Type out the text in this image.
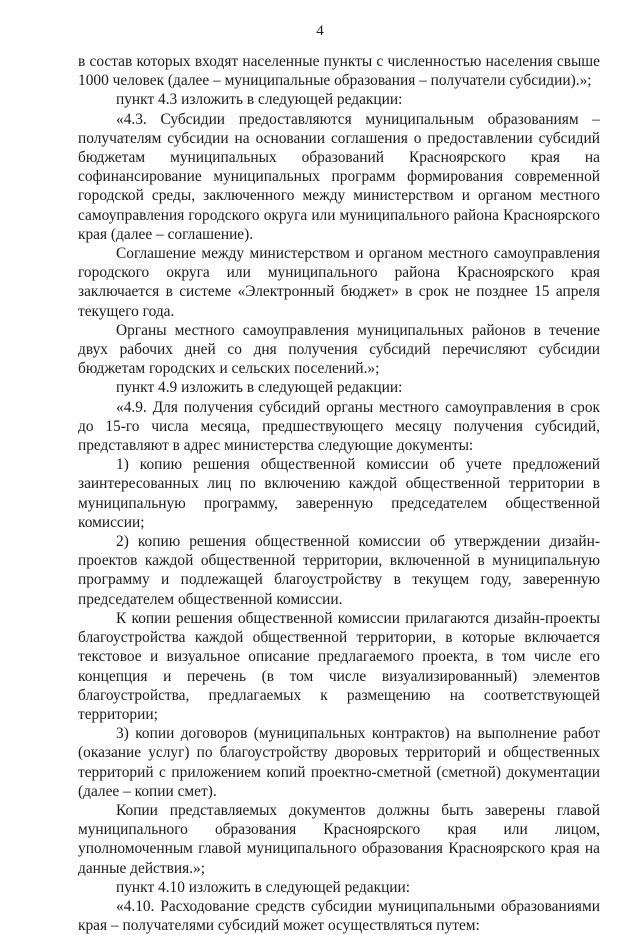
4

в состав которых входят населенные пункты с численностью населения свыше 1000 человек (далее – муниципальные образования – получатели субсидии).»;

пункт 4.3 изложить в следующей редакции:

«4.3. Субсидии предоставляются муниципальным образованиям – получателям субсидии на основании соглашения о предоставлении субсидий бюджетам муниципальных образований Красноярского края на софинансирование муниципальных программ формирования современной городской среды, заключенного между министерством и органом местного самоуправления городского округа или муниципального района Красноярского края (далее – соглашение).

Соглашение между министерством и органом местного самоуправления городского округа или муниципального района Красноярского края заключается в системе «Электронный бюджет» в срок не позднее 15 апреля текущего года.

Органы местного самоуправления муниципальных районов в течение двух рабочих дней со дня получения субсидий перечисляют субсидии бюджетам городских и сельских поселений.»;

пункт 4.9 изложить в следующей редакции:

«4.9. Для получения субсидий органы местного самоуправления в срок до 15-го числа месяца, предшествующего месяцу получения субсидий, представляют в адрес министерства следующие документы:

1) копию решения общественной комиссии об учете предложений заинтересованных лиц по включению каждой общественной территории в муниципальную программу, заверенную председателем общественной комиссии;

2) копию решения общественной комиссии об утверждении дизайн-проектов каждой общественной территории, включенной в муниципальную программу и подлежащей благоустройству в текущем году, заверенную председателем общественной комиссии.

К копии решения общественной комиссии прилагаются дизайн-проекты благоустройства каждой общественной территории, в которые включается текстовое и визуальное описание предлагаемого проекта, в том числе его концепция и перечень (в том числе визуализированный) элементов благоустройства, предлагаемых к размещению на соответствующей территории;

3) копии договоров (муниципальных контрактов) на выполнение работ (оказание услуг) по благоустройству дворовых территорий и общественных территорий с приложением копий проектно-сметной (сметной) документации (далее – копии смет).

Копии представляемых документов должны быть заверены главой муниципального образования Красноярского края или лицом, уполномоченным главой муниципального образования Красноярского края на данные действия.»;

пункт 4.10 изложить в следующей редакции:

«4.10. Расходование средств субсидии муниципальными образованиями края – получателями субсидий может осуществляться путем:
